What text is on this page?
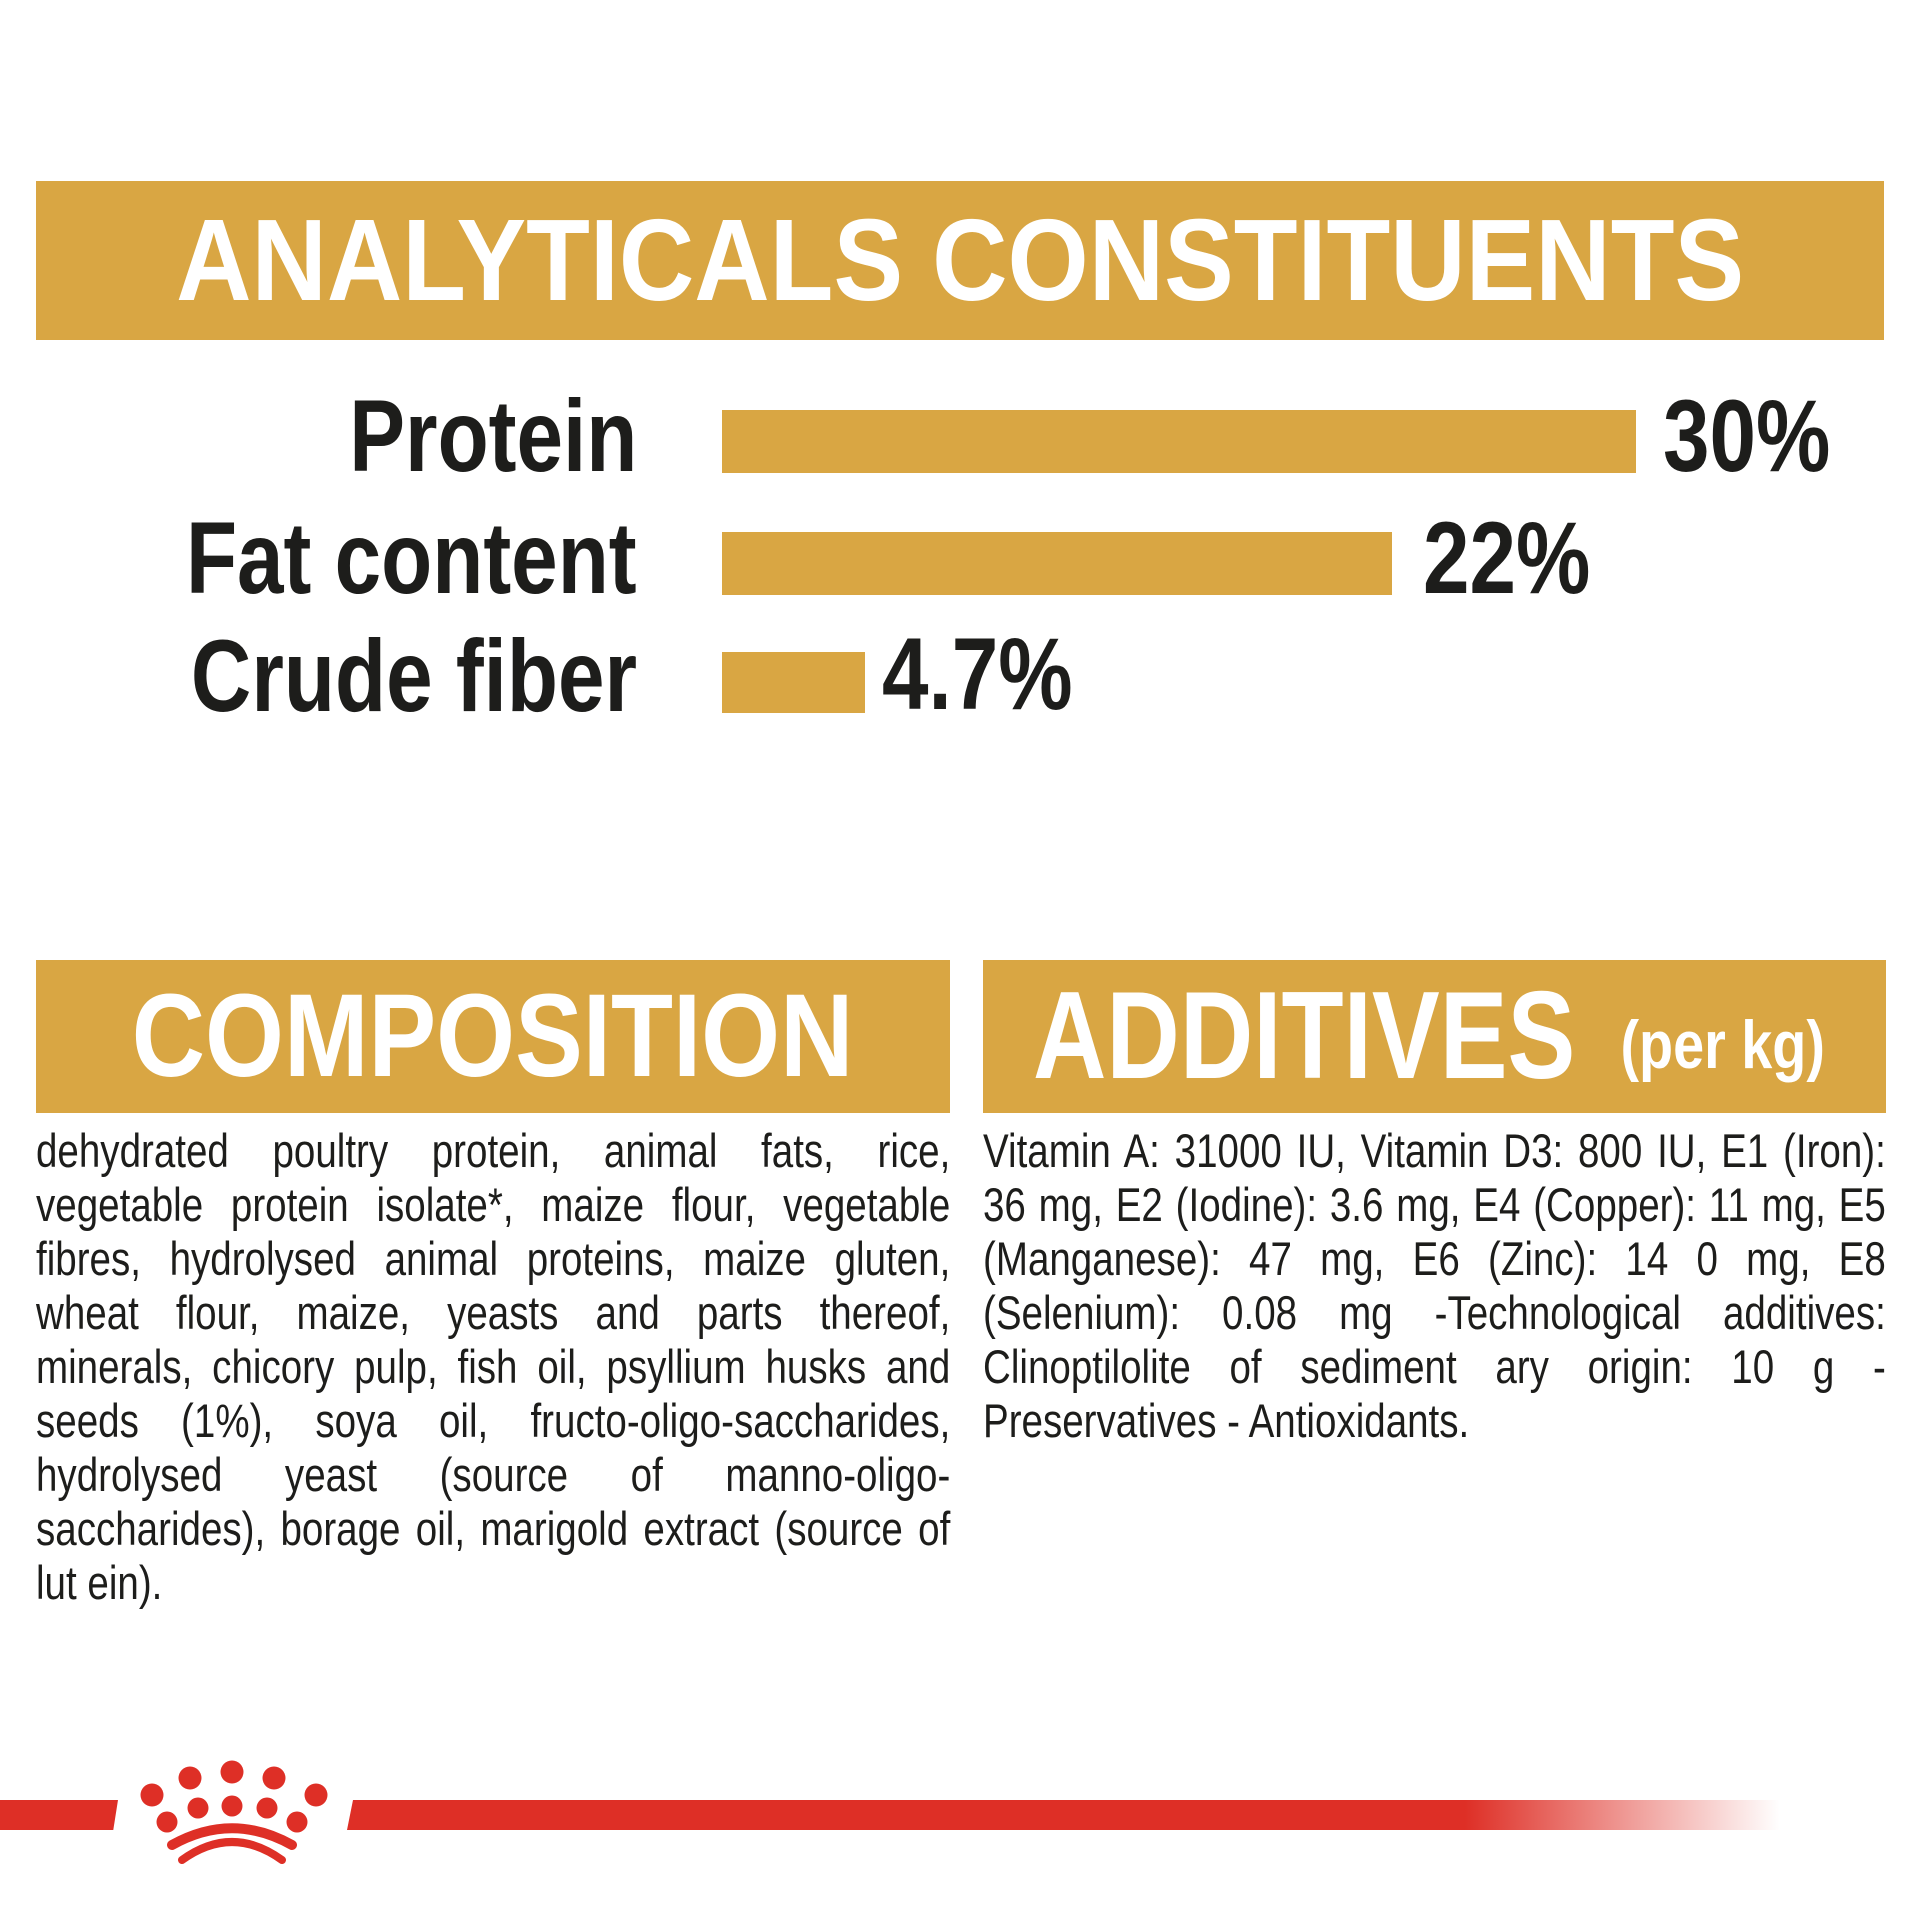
ANALYTICALS CONSTITUENTS
Protein	30%
Fat content	22%
Crude fiber 4.7%
COMPOSITION
dehydrated poultry protein, animal fats, rice, vegetable protein isolate*, maize flour, vegetable fibres, hydrolysed animal proteins, maize gluten, wheat flour, maize, yeasts and parts thereof, minerals, chicory pulp, fish oil, psyllium husks and seeds (1%), soya oil, fructo-oligo-saccharides, hydrolysed yeast (source of manno-oligo-saccharides), borage oil, marigold extract (source of lut ein).
ADDITIVES (per kg)
Vitamin A: 31000 IU, Vitamin D3: 800 IU, E1 (Iron): 36 mg, E2 (Iodine): 3.6 mg, E4 (Copper): 11 mg, E5 (Manganese): 47 mg, E6 (Zinc): 14 0 mg, E8 (Selenium): 0.08 mg -Technological additives: Clinoptilolite of sediment ary origin: 10 g - Preservatives - Antioxidants.
